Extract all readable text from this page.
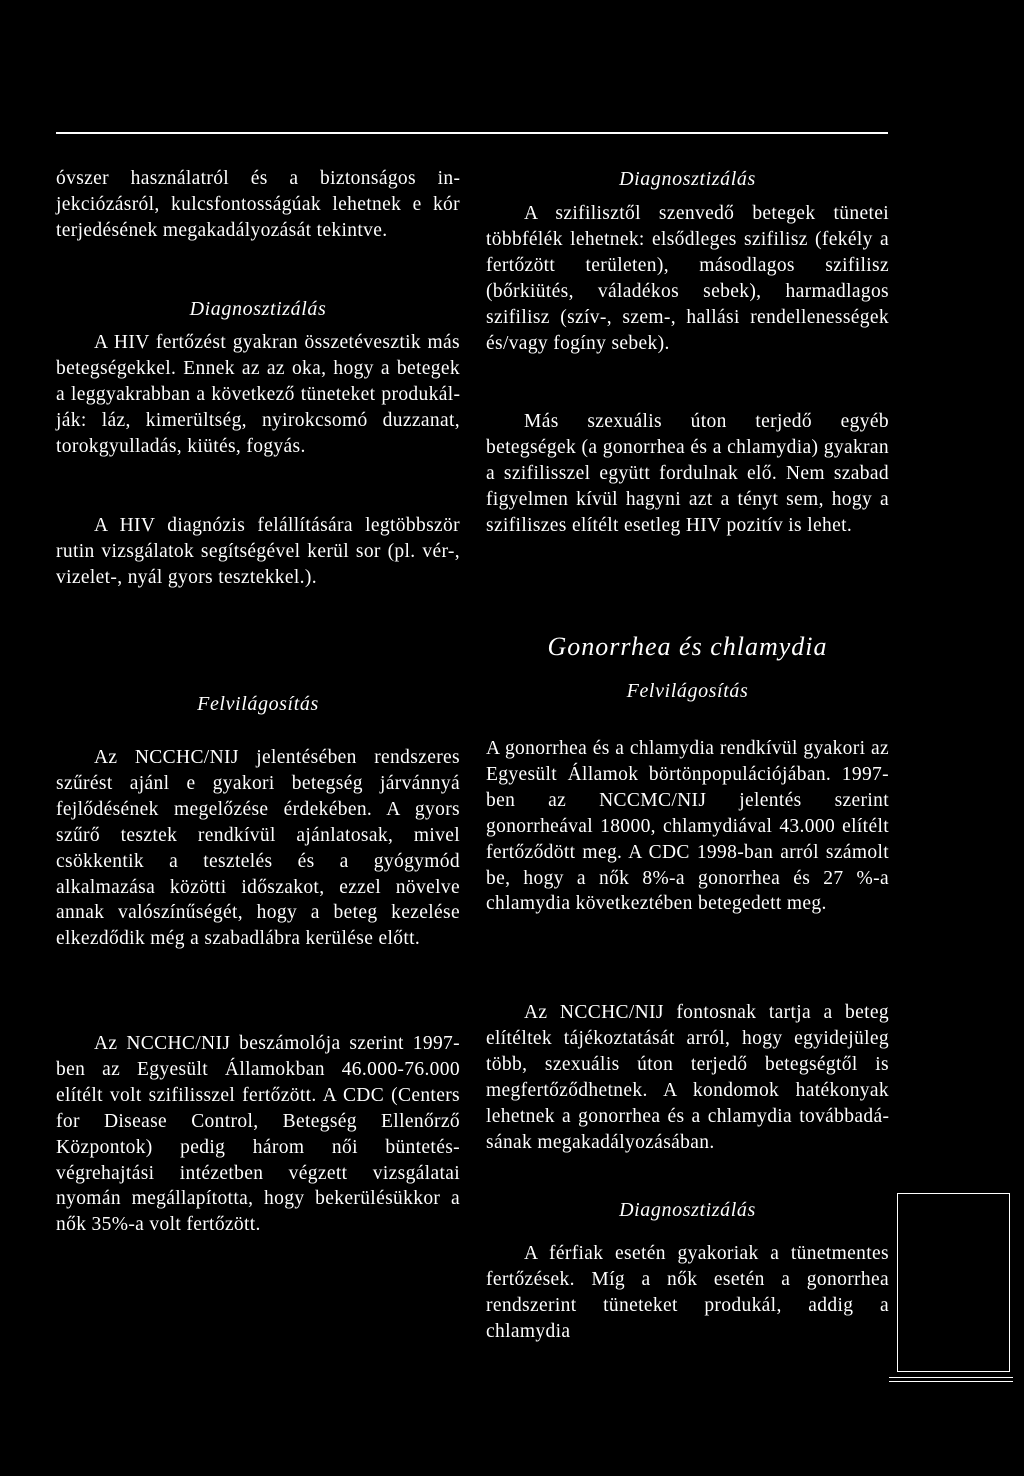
óvszer használatról és a biztonságos injekciózásról, kulcsfontosságúak lehetnek e kór terjedésének megakadályozását tekintve.

Diagnosztizálás

A HIV fertőzést gyakran összetévesztik más betegségekkel. Ennek az az oka, hogy a betegek a leggyakrabban a következő tüneteket produkálják: láz, kimerültség, nyirokcsomó duzzanat, torokgyulladás, kiütés, fogyás.

A HIV diagnózis felállítására legtöbbször rutin vizsgálatok segítségével kerül sor (pl. vér-, vizelet-, nyál gyors tesztekkel.).

Felvilágosítás

Az NCCHC/NIJ jelentésében rendszeres szűrést ajánl e gyakori betegség járvánnyá fejlődésének megelőzése érdekében. A gyors szűrő tesztek rendkívül ajánlatosak, mivel csökkentik a tesztelés és a gyógymód alkalmazása közötti időszakot, ezzel növelve annak valószínűségét, hogy a beteg kezelése elkezdődik még a szabadlábra kerülése előtt.

Az NCCHC/NIJ beszámolója szerint 1997-ben az Egyesült Államokban 46.000-76.000 elítélt volt szifilisszel fertőzött. A CDC (Centers for Disease Control, Betegség Ellenőrző Központok) pedig három női büntetés-végrehajtási intézetben végzett vizsgálatai nyomán megállapította, hogy bekerülésükkor a nők 35%-a volt fertőzött.

Diagnosztizálás

A szifilisztől szenvedő betegek tünetei többfélék lehetnek: elsődleges szifilisz (fekély a fertőzött területen), másodlagos szifilisz (bőrkiütés, váladékos sebek), harmadlagos szifilisz (szív-, szem-, hallási rendellenességek és/vagy fogíny sebek).

Más szexuális úton terjedő egyéb betegségek (a gonorrhea és a chlamydia) gyakran a szifilisszel együtt fordulnak elő. Nem szabad figyelmen kívül hagyni azt a tényt sem, hogy a szifiliszes elítélt esetleg HIV pozitív is lehet.

Gonorrhea és chlamydia
Felvilágosítás

A gonorrhea és a chlamydia rendkívül gyakori az Egyesült Államok börtönpopulációjában. 1997-ben az NCCMC/NIJ jelentés szerint gonorrheával 18000, chlamydiával 43.000 elítélt fertőződött meg. A CDC 1998-ban arról számolt be, hogy a nők 8%-a gonorrhea és 27 %-a chlamydia következtében betegedett meg.

Az NCCHC/NIJ fontosnak tartja a beteg elítéltek tájékoztatását arról, hogy egyidejüleg több, szexuális úton terjedő betegségtől is megfertőződhetnek. A kondomok hatékonyak lehetnek a gonorrhea és a chlamydia továbbadásának megakadályozásában.

Diagnosztizálás

A férfiak esetén gyakoriak a tünetmentes fertőzések. Míg a nők esetén a gonorrhea rendszerint tüneteket produkál, addig a chlamydia
